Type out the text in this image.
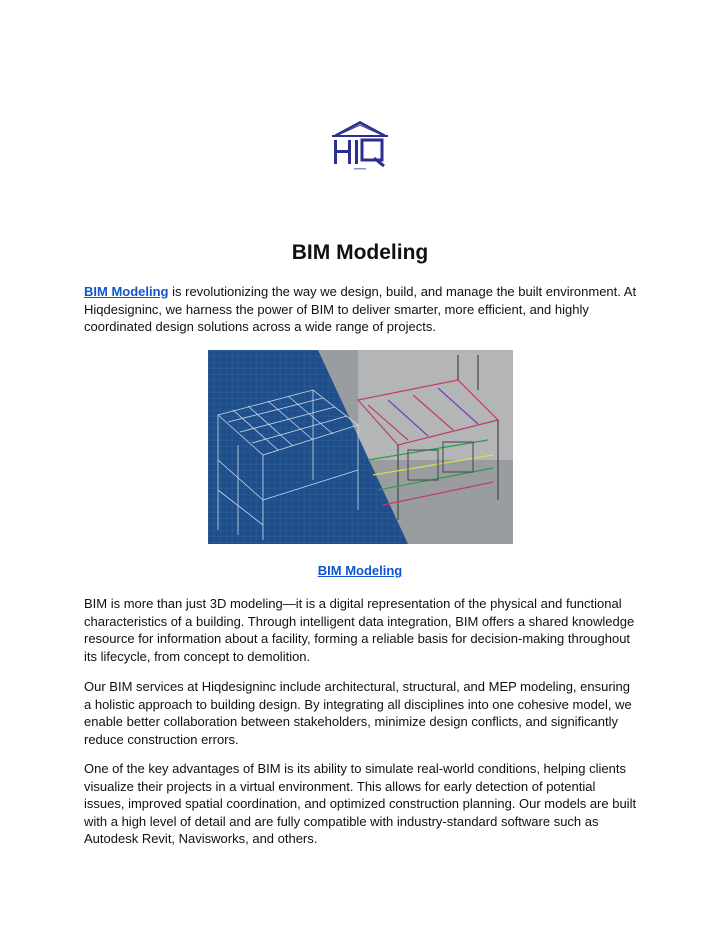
BIM Modeling

BIM Modeling is revolutionizing the way we design, build, and manage the built environment. At Hiqdesigninc, we harness the power of BIM to deliver smarter, more efficient, and highly coordinated design solutions across a wide range of projects.

BIM Modeling

BIM is more than just 3D modeling—it is a digital representation of the physical and functional characteristics of a building. Through intelligent data integration, BIM offers a shared knowledge resource for information about a facility, forming a reliable basis for decision-making throughout its lifecycle, from concept to demolition.

Our BIM services at Hiqdesigninc include architectural, structural, and MEP modeling, ensuring a holistic approach to building design. By integrating all disciplines into one cohesive model, we enable better collaboration between stakeholders, minimize design conflicts, and significantly reduce construction errors.

One of the key advantages of BIM is its ability to simulate real-world conditions, helping clients visualize their projects in a virtual environment. This allows for early detection of potential issues, improved spatial coordination, and optimized construction planning. Our models are built with a high level of detail and are fully compatible with industry-standard software such as Autodesk Revit, Navisworks, and others.
